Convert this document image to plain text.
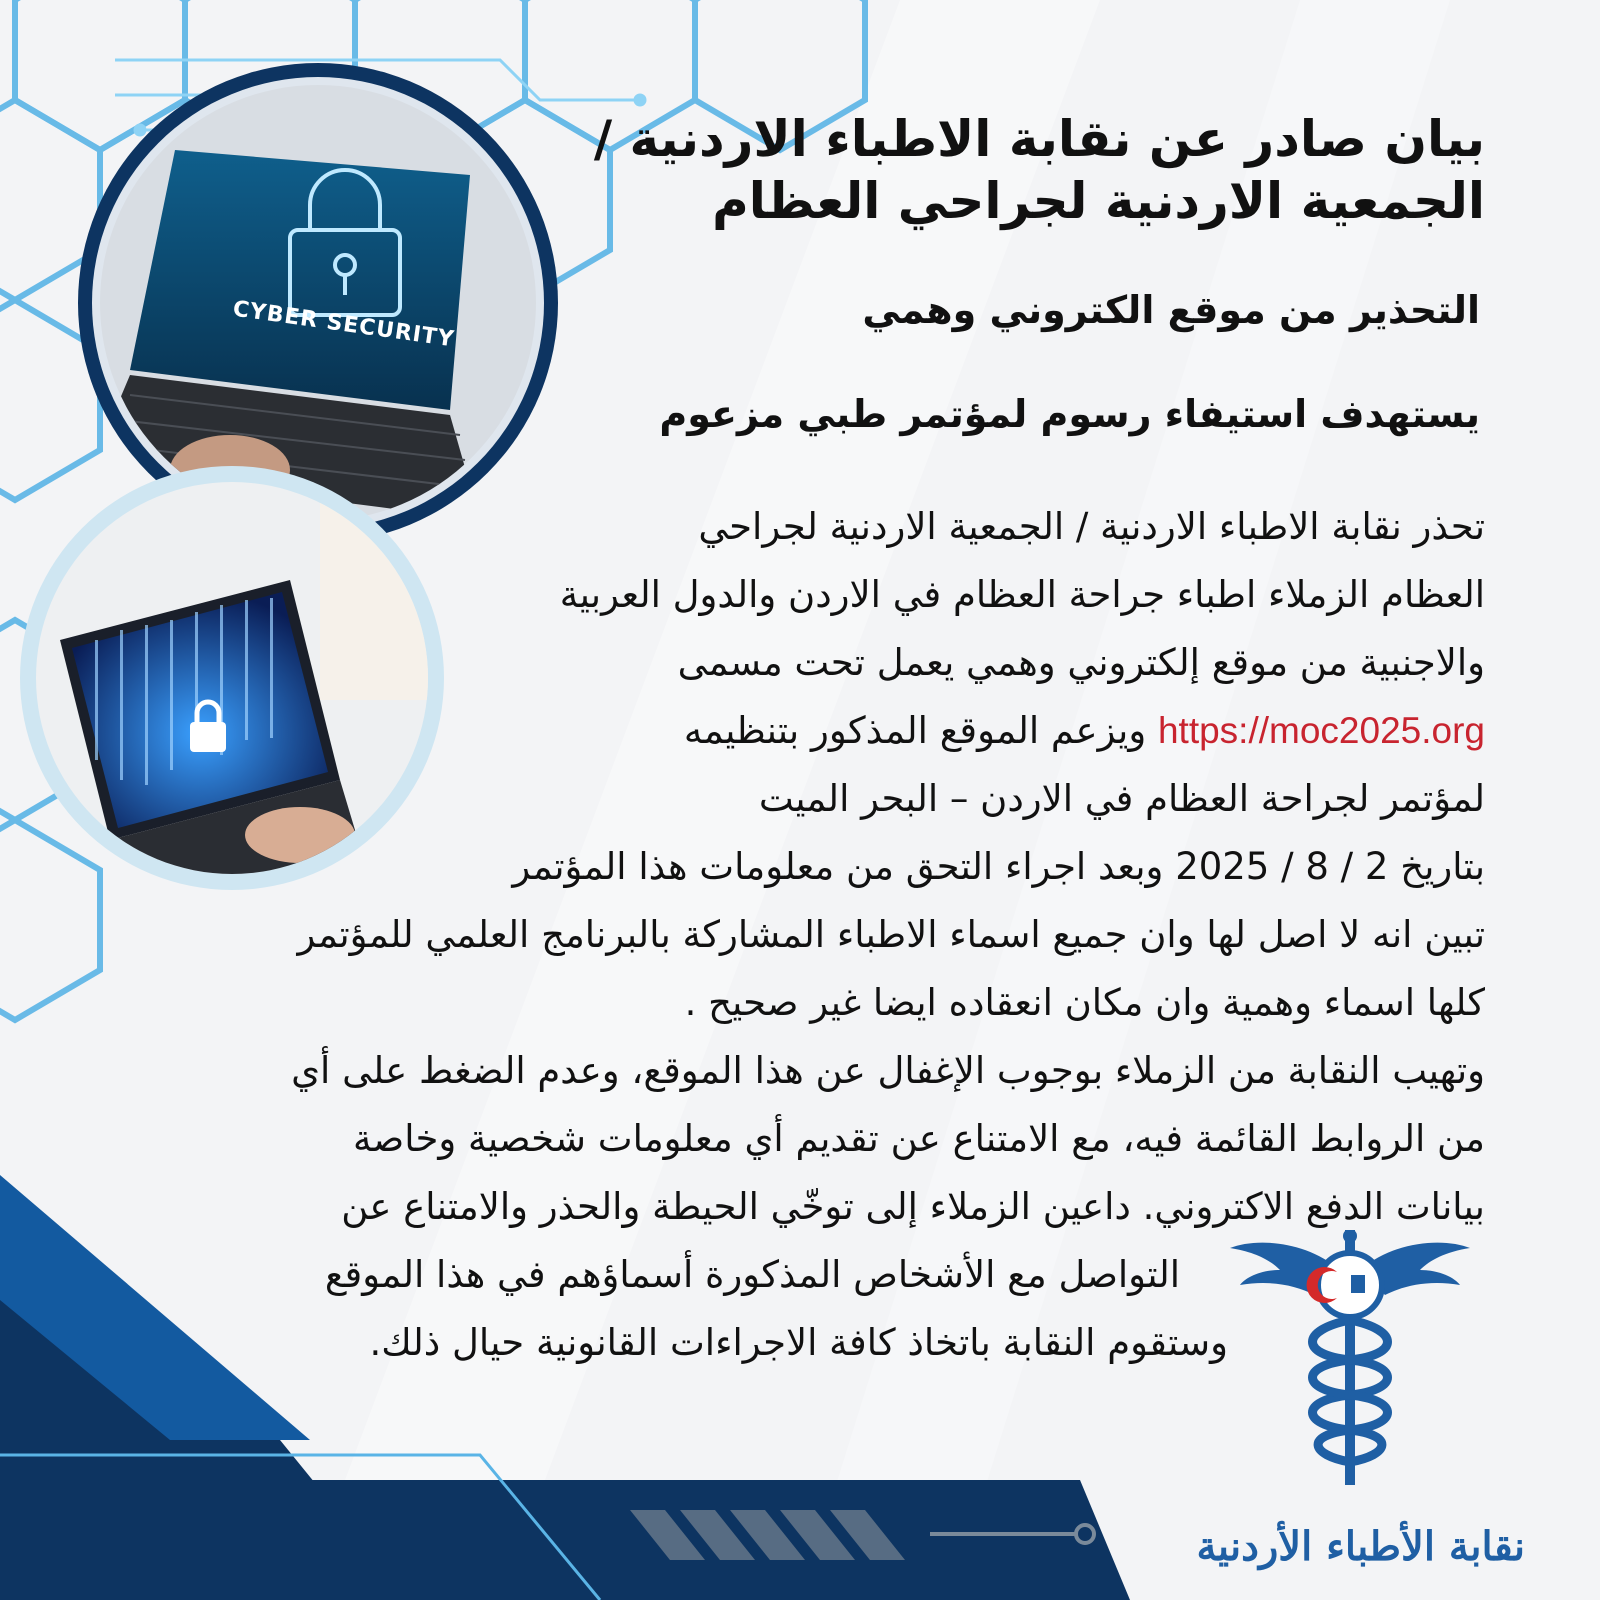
CYBER SECURITY
بيان صادر عن نقابة الاطباء الاردنية /
الجمعية الاردنية لجراحي العظام

التحذير من موقع الكتروني وهمي

يستهدف استيفاء رسوم لمؤتمر طبي مزعوم

تحذر نقابة الاطباء الاردنية / الجمعية الاردنية لجراحي

العظام الزملاء اطباء جراحة العظام في الاردن والدول العربية

والاجنبية من موقع إلكتروني وهمي يعمل تحت مسمى

https://moc2025.org ويزعم الموقع المذكور بتنظيمه

لمؤتمر لجراحة العظام في الاردن – البحر الميت

بتاريخ 2 / 8 / 2025 وبعد اجراء التحق من معلومات هذا المؤتمر

تبين انه لا اصل لها وان جميع اسماء الاطباء المشاركة بالبرنامج العلمي للمؤتمر

كلها اسماء وهمية وان مكان انعقاده ايضا غير صحيح .

وتهيب النقابة من الزملاء بوجوب الإغفال عن هذا الموقع، وعدم الضغط على أي

من الروابط القائمة فيه، مع الامتناع عن تقديم أي معلومات شخصية وخاصة

بيانات الدفع الاكتروني. داعين الزملاء إلى توخّي الحيطة والحذر والامتناع عن

التواصل مع الأشخاص المذكورة أسماؤهم في هذا الموقع

وستقوم النقابة باتخاذ كافة الاجراءات القانونية حيال ذلك.

نقابة الأطباء الأردنية
